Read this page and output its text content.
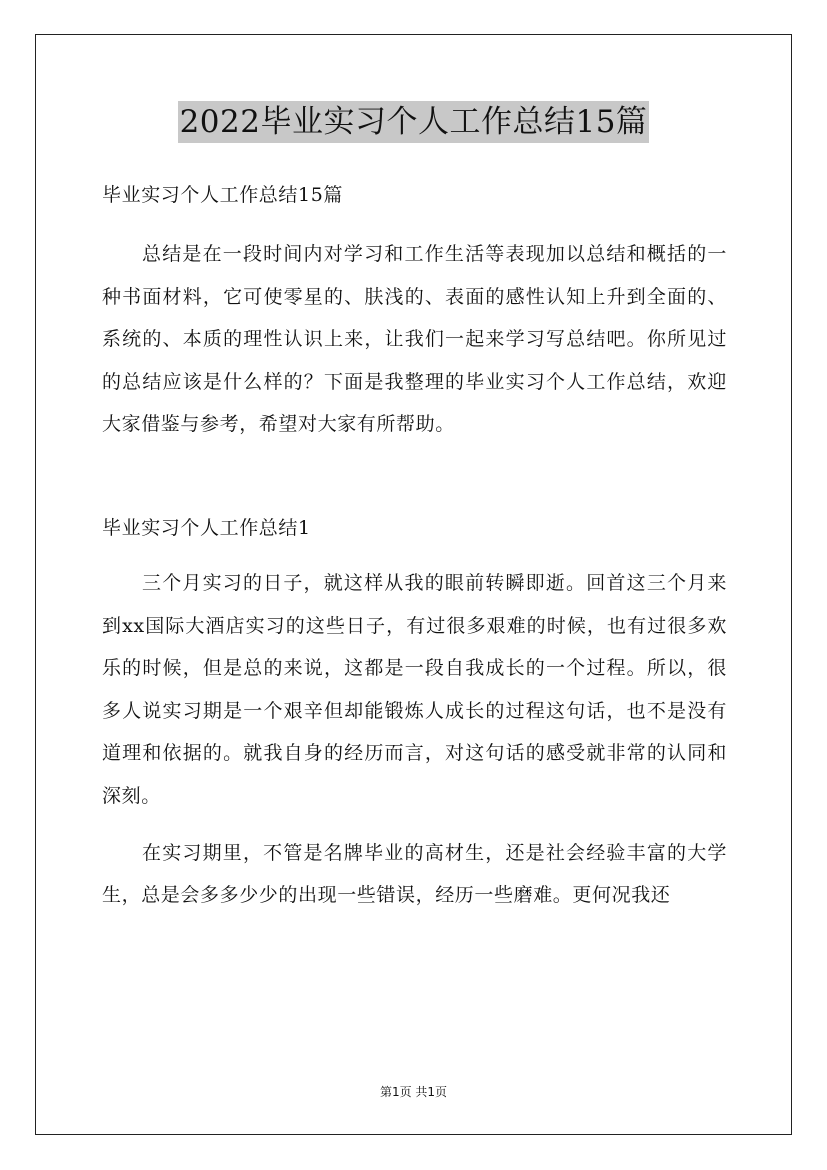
2022毕业实习个人工作总结15篇

毕业实习个人工作总结15篇

总结是在一段时间内对学习和工作生活等表现加以总结和概括的一种书面材料，它可使零星的、肤浅的、表面的感性认知上升到全面的、系统的、本质的理性认识上来，让我们一起来学习写总结吧。你所见过的总结应该是什么样的？下面是我整理的毕业实习个人工作总结，欢迎大家借鉴与参考，希望对大家有所帮助。

毕业实习个人工作总结1

三个月实习的日子，就这样从我的眼前转瞬即逝。回首这三个月来到xx国际大酒店实习的这些日子，有过很多艰难的时候，也有过很多欢乐的时候，但是总的来说，这都是一段自我成长的一个过程。所以，很多人说实习期是一个艰辛但却能锻炼人成长的过程这句话，也不是没有道理和依据的。就我自身的经历而言，对这句话的感受就非常的认同和深刻。

在实习期里，不管是名牌毕业的高材生，还是社会经验丰富的大学生，总是会多多少少的出现一些错误，经历一些磨难。更何况我还

第1页 共1页
